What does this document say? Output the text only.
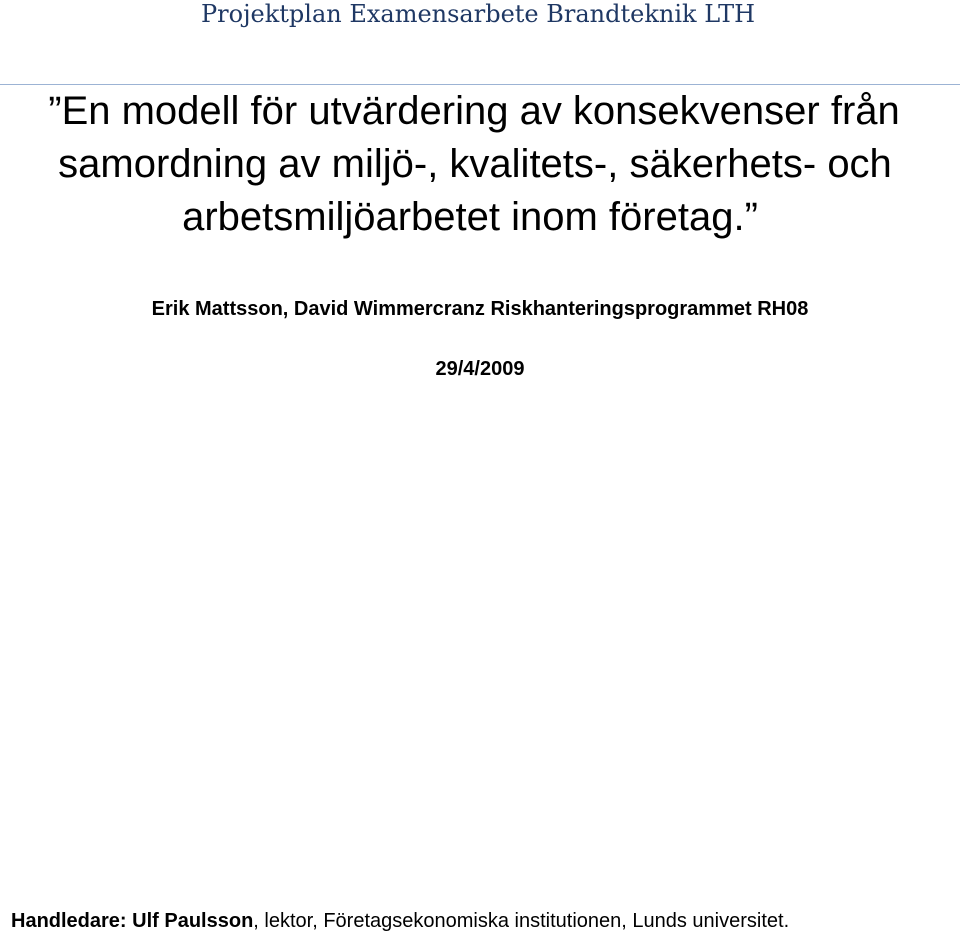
Projektplan Examensarbete Brandteknik LTH
”En modell för utvärdering av konsekvenser från
samordning av miljö-, kvalitets-, säkerhets- och
arbetsmiljöarbetet inom företag.”
Erik Mattsson, David Wimmercranz Riskhanteringsprogrammet RH08
29/4/2009
Handledare: Ulf Paulsson, lektor, Företagsekonomiska institutionen, Lunds universitet.
